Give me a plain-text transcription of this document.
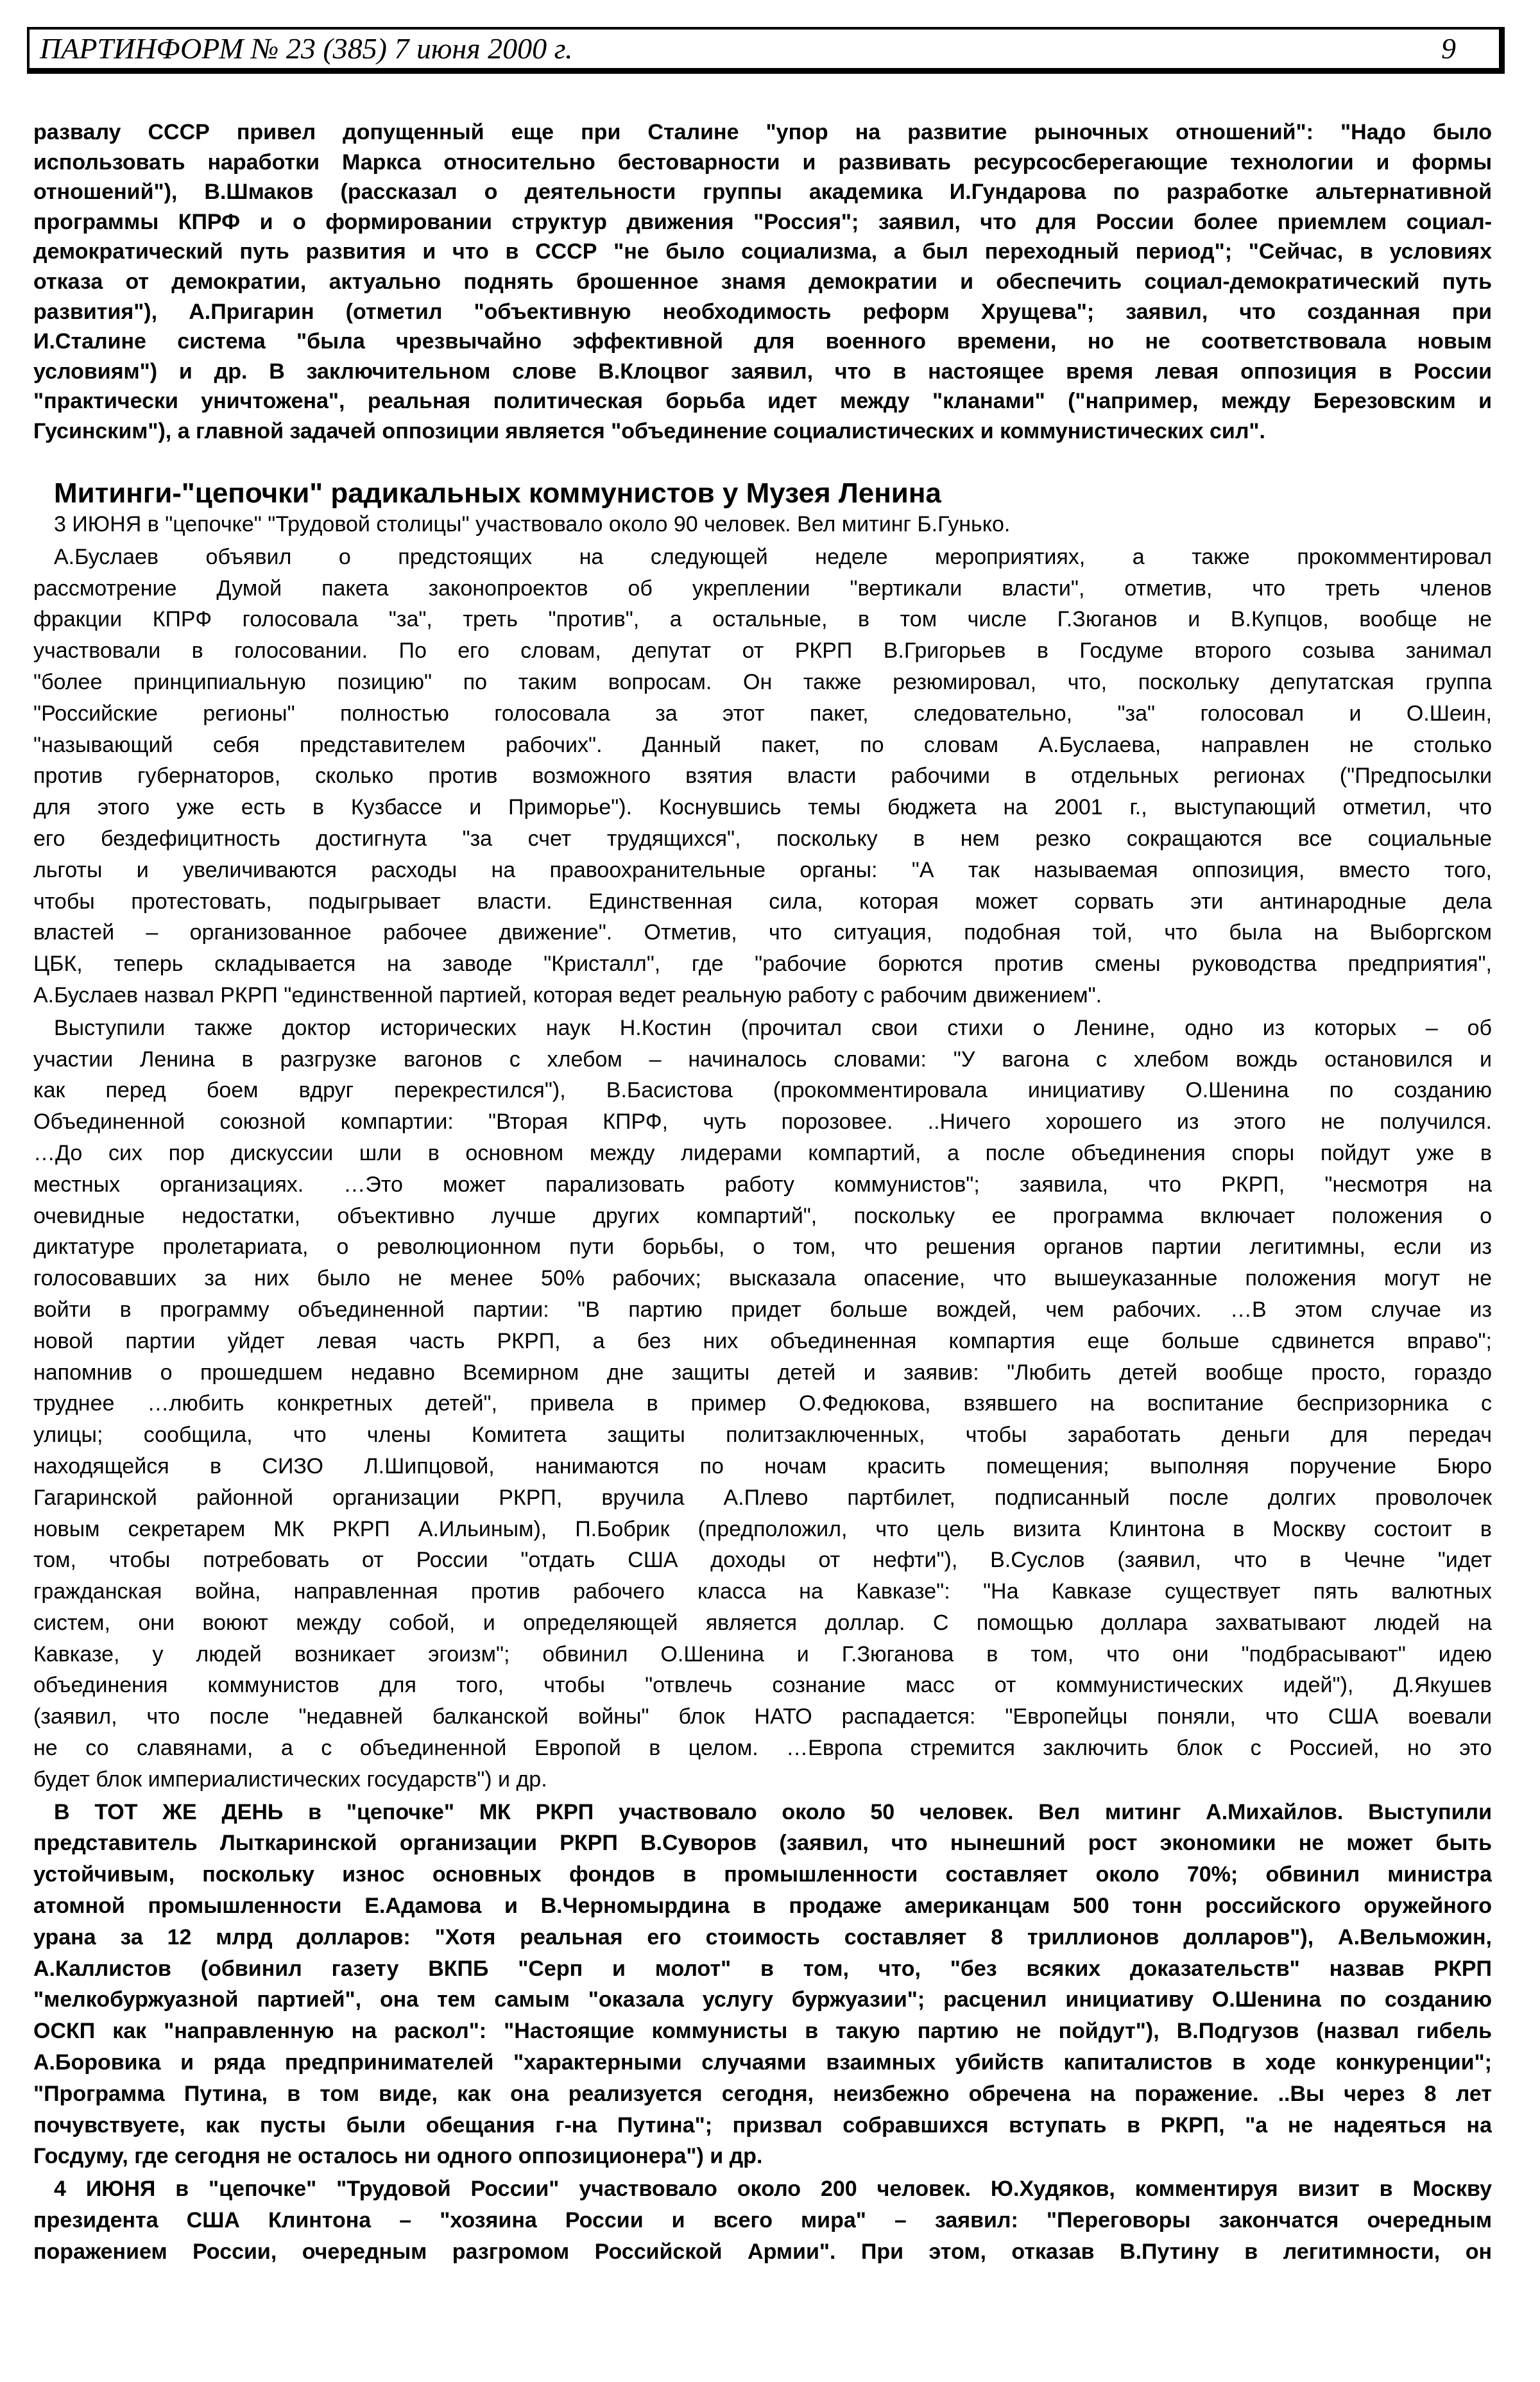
ПАРТИНФОРМ № 23 (385) 7 июня 2000 г.	9
развалу СССР привел допущенный еще при Сталине "упор на развитие рыночных отношений": "Надо было
использовать наработки Маркса относительно бестоварности и развивать ресурсосберегающие технологии и формы
отношений"), В.Шмаков (рассказал о деятельности группы академика И.Гундарова по разработке альтернативной
программы КПРФ и о формировании структур движения "Россия"; заявил, что для России более приемлем социал-
демократический путь развития и что в СССР "не было социализма, а был переходный период"; "Сейчас, в условиях
отказа от демократии, актуально поднять брошенное знамя демократии и обеспечить социал-демократический путь
развития"), А.Пригарин (отметил "объективную необходимость реформ Хрущева"; заявил, что созданная при
И.Сталине система "была чрезвычайно эффективной для военного времени, но не соответствовала новым
условиям") и др. В заключительном слове В.Клоцвог заявил, что в настоящее время левая оппозиция в России
"практически уничтожена", реальная политическая борьба идет между "кланами" ("например, между Березовским и
Гусинским"), а главной задачей оппозиции является "объединение социалистических и коммунистических сил".
Митинги-"цепочки" радикальных коммунистов у Музея Ленина
3 ИЮНЯ в "цепочке" "Трудовой столицы" участвовало около 90 человек. Вел митинг Б.Гунько.
А.Буслаев объявил о предстоящих на следующей неделе мероприятиях, а также прокомментировал
рассмотрение Думой пакета законопроектов об укреплении "вертикали власти", отметив, что треть членов
фракции КПРФ голосовала "за", треть "против", а остальные, в том числе Г.Зюганов и В.Купцов, вообще не
участвовали в голосовании. По его словам, депутат от РКРП В.Григорьев в Госдуме второго созыва занимал
"более принципиальную позицию" по таким вопросам. Он также резюмировал, что, поскольку депутатская группа
"Российские регионы" полностью голосовала за этот пакет, следовательно, "за" голосовал и О.Шеин,
"называющий себя представителем рабочих". Данный пакет, по словам А.Буслаева, направлен не столько
против губернаторов, сколько против возможного взятия власти рабочими в отдельных регионах ("Предпосылки
для этого уже есть в Кузбассе и Приморье"). Коснувшись темы бюджета на 2001 г., выступающий отметил, что
его бездефицитность достигнута "за счет трудящихся", поскольку в нем резко сокращаются все социальные
льготы и увеличиваются расходы на правоохранительные органы: "А так называемая оппозиция, вместо того,
чтобы протестовать, подыгрывает власти. Единственная сила, которая может сорвать эти антинародные дела
властей – организованное рабочее движение". Отметив, что ситуация, подобная той, что была на Выборгском
ЦБК, теперь складывается на заводе "Кристалл", где "рабочие борются против смены руководства предприятия",
А.Буслаев назвал РКРП "единственной партией, которая ведет реальную работу с рабочим движением".
Выступили также доктор исторических наук Н.Костин (прочитал свои стихи о Ленине, одно из которых – об
участии Ленина в разгрузке вагонов с хлебом – начиналось словами: "У вагона с хлебом вождь остановился и
как перед боем вдруг перекрестился"), В.Басистова (прокомментировала инициативу О.Шенина по созданию
Объединенной союзной компартии: "Вторая КПРФ, чуть порозовее. ..Ничего хорошего из этого не получился.
…До сих пор дискуссии шли в основном между лидерами компартий, а после объединения споры пойдут уже в
местных организациях. …Это может парализовать работу коммунистов"; заявила, что РКРП, "несмотря на
очевидные недостатки, объективно лучше других компартий", поскольку ее программа включает положения о
диктатуре пролетариата, о революционном пути борьбы, о том, что решения органов партии легитимны, если из
голосовавших за них было не менее 50% рабочих; высказала опасение, что вышеуказанные положения могут не
войти в программу объединенной партии: "В партию придет больше вождей, чем рабочих. …В этом случае из
новой партии уйдет левая часть РКРП, а без них объединенная компартия еще больше сдвинется вправо";
напомнив о прошедшем недавно Всемирном дне защиты детей и заявив: "Любить детей вообще просто, гораздо
труднее …любить конкретных детей", привела в пример О.Федюкова, взявшего на воспитание беспризорника с
улицы; сообщила, что члены Комитета защиты политзаключенных, чтобы заработать деньги для передач
находящейся в СИЗО Л.Шипцовой, нанимаются по ночам красить помещения; выполняя поручение Бюро
Гагаринской районной организации РКРП, вручила А.Плево партбилет, подписанный после долгих проволочек
новым секретарем МК РКРП А.Ильиным), П.Бобрик (предположил, что цель визита Клинтона в Москву состоит в
том, чтобы потребовать от России "отдать США доходы от нефти"), В.Суслов (заявил, что в Чечне "идет
гражданская война, направленная против рабочего класса на Кавказе": "На Кавказе существует пять валютных
систем, они воюют между собой, и определяющей является доллар. С помощью доллара захватывают людей на
Кавказе, у людей возникает эгоизм"; обвинил О.Шенина и Г.Зюганова в том, что они "подбрасывают" идею
объединения коммунистов для того, чтобы "отвлечь сознание масс от коммунистических идей"), Д.Якушев
(заявил, что после "недавней балканской войны" блок НАТО распадается: "Европейцы поняли, что США воевали
не со славянами, а с объединенной Европой в целом. …Европа стремится заключить блок с Россией, но это
будет блок империалистических государств") и др.
В ТОТ ЖЕ ДЕНЬ в "цепочке" МК РКРП участвовало около 50 человек. Вел митинг А.Михайлов. Выступили
представитель Лыткаринской организации РКРП В.Суворов (заявил, что нынешний рост экономики не может быть
устойчивым, поскольку износ основных фондов в промышленности составляет около 70%; обвинил министра
атомной промышленности Е.Адамова и В.Черномырдина в продаже американцам 500 тонн российского оружейного
урана за 12 млрд долларов: "Хотя реальная его стоимость составляет 8 триллионов долларов"), А.Вельможин,
А.Каллистов (обвинил газету ВКПБ "Серп и молот" в том, что, "без всяких доказательств" назвав РКРП
"мелкобуржуазной партией", она тем самым "оказала услугу буржуазии"; расценил инициативу О.Шенина по созданию
ОСКП как "направленную на раскол": "Настоящие коммунисты в такую партию не пойдут"), В.Подгузов (назвал гибель
А.Боровика и ряда предпринимателей "характерными случаями взаимных убийств капиталистов в ходе конкуренции";
"Программа Путина, в том виде, как она реализуется сегодня, неизбежно обречена на поражение. ..Вы через 8 лет
почувствуете, как пусты были обещания г-на Путина"; призвал собравшихся вступать в РКРП, "а не надеяться на
Госдуму, где сегодня не осталось ни одного оппозиционера") и др.
4 ИЮНЯ в "цепочке" "Трудовой России" участвовало около 200 человек. Ю.Худяков, комментируя визит в Москву
президента США Клинтона – "хозяина России и всего мира" – заявил: "Переговоры закончатся очередным
поражением России, очередным разгромом Российской Армии". При этом, отказав В.Путину в легитимности, он
